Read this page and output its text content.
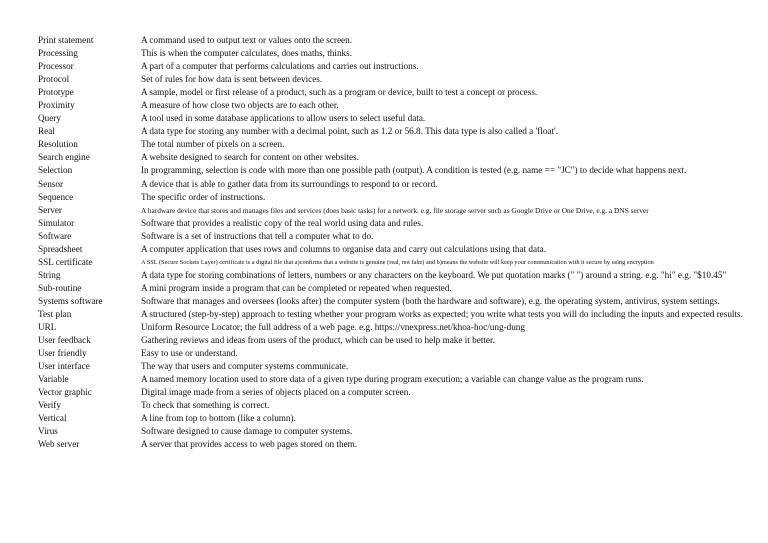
Print statement	A command used to output text or values onto the screen.
Processing	This is when the computer calculates, does maths, thinks.
Processor	A part of a computer that performs calculations and carries out instructions.
Protocol	Set of rules for how data is sent between devices.
Prototype	A sample, model or first release of a product, such as a program or device, built to test a concept or process.
Proximity	A measure of how close two objects are to each other.
Query	A tool used in some database applications to allow users to select useful data.
Real	A data type for storing any number with a decimal point, such as 1.2 or 56.8. This data type is also called a 'float'.
Resolution	The total number of pixels on a screen.
Search engine	A website designed to search for content on other websites.
Selection	In programming, selection is code with more than one possible path (output). A condition is tested (e.g. name == "JC") to decide what happens next.
Sensor	A device that is able to gather data from its surroundings to respond to or record.
Sequence	The specific order of instructions.
Server	A hardware device that stores and manages files and services (does basic tasks) for a network. e.g. file storage server such as Google Drive or One Drive, e.g. a DNS server
Simulator	Software that provides a realistic copy of the real world using data and rules.
Software	Software is a set of instructions that tell a computer what to do.
Spreadsheet	A computer application that uses rows and columns to organise data and carry out calculations using that data.
SSL certificate	A SSL (Secure Sockets Layer) certificate is a digital file that a)confirms that a website is genuine (real, not fake) and b)means the website will keep your communication with it secure by using encryption
String	A data type for storing combinations of letters, numbers or any characters on the keyboard. We put quotation marks (" ") around a string. e.g. "hi" e.g. "$10.45"
Sub-routine	A mini program inside a program that can be completed or repeated when requested.
Systems software	Software that manages and oversees (looks after) the computer system (both the hardware and software), e.g. the operating system, antivirus, system settings.
Test plan	A structured (step-by-step) approach to testing whether your program works as expected; you write what tests you will do including the inputs and expected results.
URL	Uniform Resource Locator; the full address of a web page. e.g. https://vnexpress.net/khoa-hoc/ung-dung
User feedback	Gathering reviews and ideas from users of the product, which can be used to help make it better.
User friendly	Easy to use or understand.
User interface	The way that users and computer systems communicate.
Variable	A named memory location used to store data of a given type during program execution; a variable can change value as the program runs.
Vector graphic	Digital image made from a series of objects placed on a computer screen.
Verify	To check that something is correct.
Vertical	A line from top to bottom (like a column).
Virus	Software designed to cause damage to computer systems.
Web server	A server that provides access to web pages stored on them.
